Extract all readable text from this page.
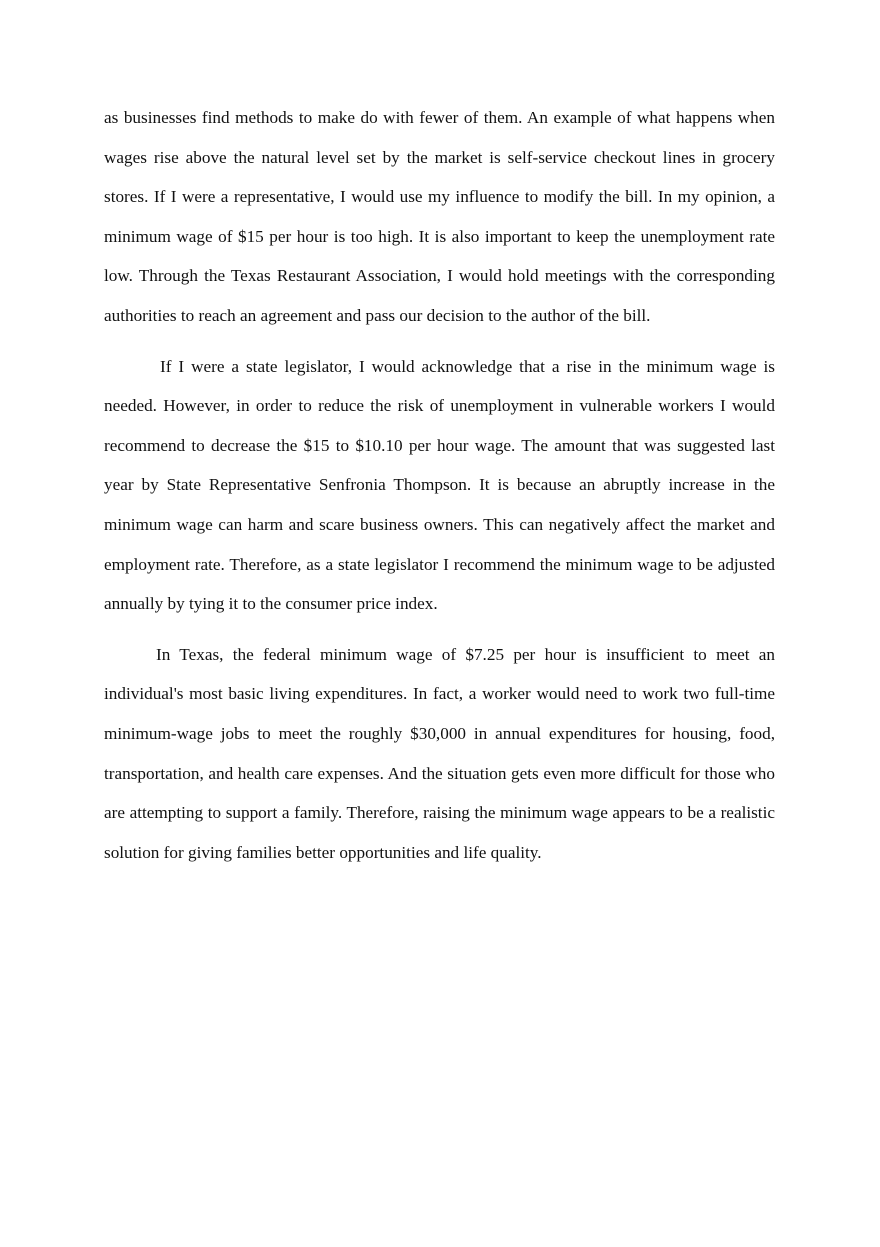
as businesses find methods to make do with fewer of them. An example of what happens when wages rise above the natural level set by the market is self-service checkout lines in grocery stores. If I were a representative, I would use my influence to modify the bill. In my opinion, a minimum wage of $15 per hour is too high. It is also important to keep the unemployment rate low. Through the Texas Restaurant Association, I would hold meetings with the corresponding authorities to reach an agreement and pass our decision to the author of the bill.

If I were a state legislator, I would acknowledge that a rise in the minimum wage is needed. However, in order to reduce the risk of unemployment in vulnerable workers I would recommend to decrease the $15 to $10.10 per hour wage. The amount that was suggested last year by State Representative Senfronia Thompson. It is because an abruptly increase in the minimum wage can harm and scare business owners. This can negatively affect the market and employment rate. Therefore, as a state legislator I recommend the minimum wage to be adjusted annually by tying it to the consumer price index.

In Texas, the federal minimum wage of $7.25 per hour is insufficient to meet an individual's most basic living expenditures. In fact, a worker would need to work two full-time minimum-wage jobs to meet the roughly $30,000 in annual expenditures for housing, food, transportation, and health care expenses. And the situation gets even more difficult for those who are attempting to support a family. Therefore, raising the minimum wage appears to be a realistic solution for giving families better opportunities and life quality.
